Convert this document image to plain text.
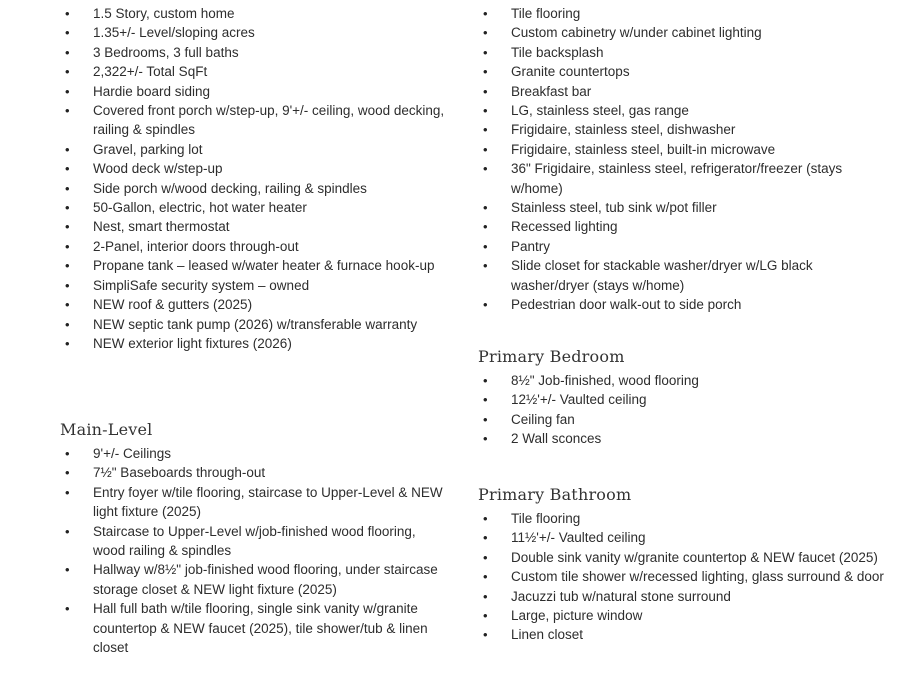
• 1.5 Story, custom home
• 1.35+/- Level/sloping acres
• 3 Bedrooms, 3 full baths
• 2,322+/- Total SqFt
• Hardie board siding
• Covered front porch w/step-up, 9'+/- ceiling, wood decking, railing & spindles
• Gravel, parking lot
• Wood deck w/step-up
• Side porch w/wood decking, railing & spindles
• 50-Gallon, electric, hot water heater
• Nest, smart thermostat
• 2-Panel, interior doors through-out
• Propane tank – leased w/water heater & furnace hook-up
• SimpliSafe security system – owned
• NEW roof & gutters (2025)
• NEW septic tank pump (2026) w/transferable warranty
• NEW exterior light fixtures (2026)
Main-Level
• 9'+/- Ceilings
• 7½" Baseboards through-out
• Entry foyer w/tile flooring, staircase to Upper-Level & NEW light fixture (2025)
• Staircase to Upper-Level w/job-finished wood flooring, wood railing & spindles
• Hallway w/8½" job-finished wood flooring, under staircase storage closet & NEW light fixture (2025)
• Hall full bath w/tile flooring, single sink vanity w/granite countertop & NEW faucet (2025), tile shower/tub & linen closet
• Tile flooring
• Custom cabinetry w/under cabinet lighting
• Tile backsplash
• Granite countertops
• Breakfast bar
• LG, stainless steel, gas range
• Frigidaire, stainless steel, dishwasher
• Frigidaire, stainless steel, built-in microwave
• 36" Frigidaire, stainless steel, refrigerator/freezer (stays w/home)
• Stainless steel, tub sink w/pot filler
• Recessed lighting
• Pantry
• Slide closet for stackable washer/dryer w/LG black washer/dryer (stays w/home)
• Pedestrian door walk-out to side porch
Primary Bedroom
• 8½" Job-finished, wood flooring
• 12½'+/- Vaulted ceiling
• Ceiling fan
• 2 Wall sconces
Primary Bathroom
• Tile flooring
• 11½'+/- Vaulted ceiling
• Double sink vanity w/granite countertop & NEW faucet (2025)
• Custom tile shower w/recessed lighting, glass surround & door
• Jacuzzi tub w/natural stone surround
• Large, picture window
• Linen closet
